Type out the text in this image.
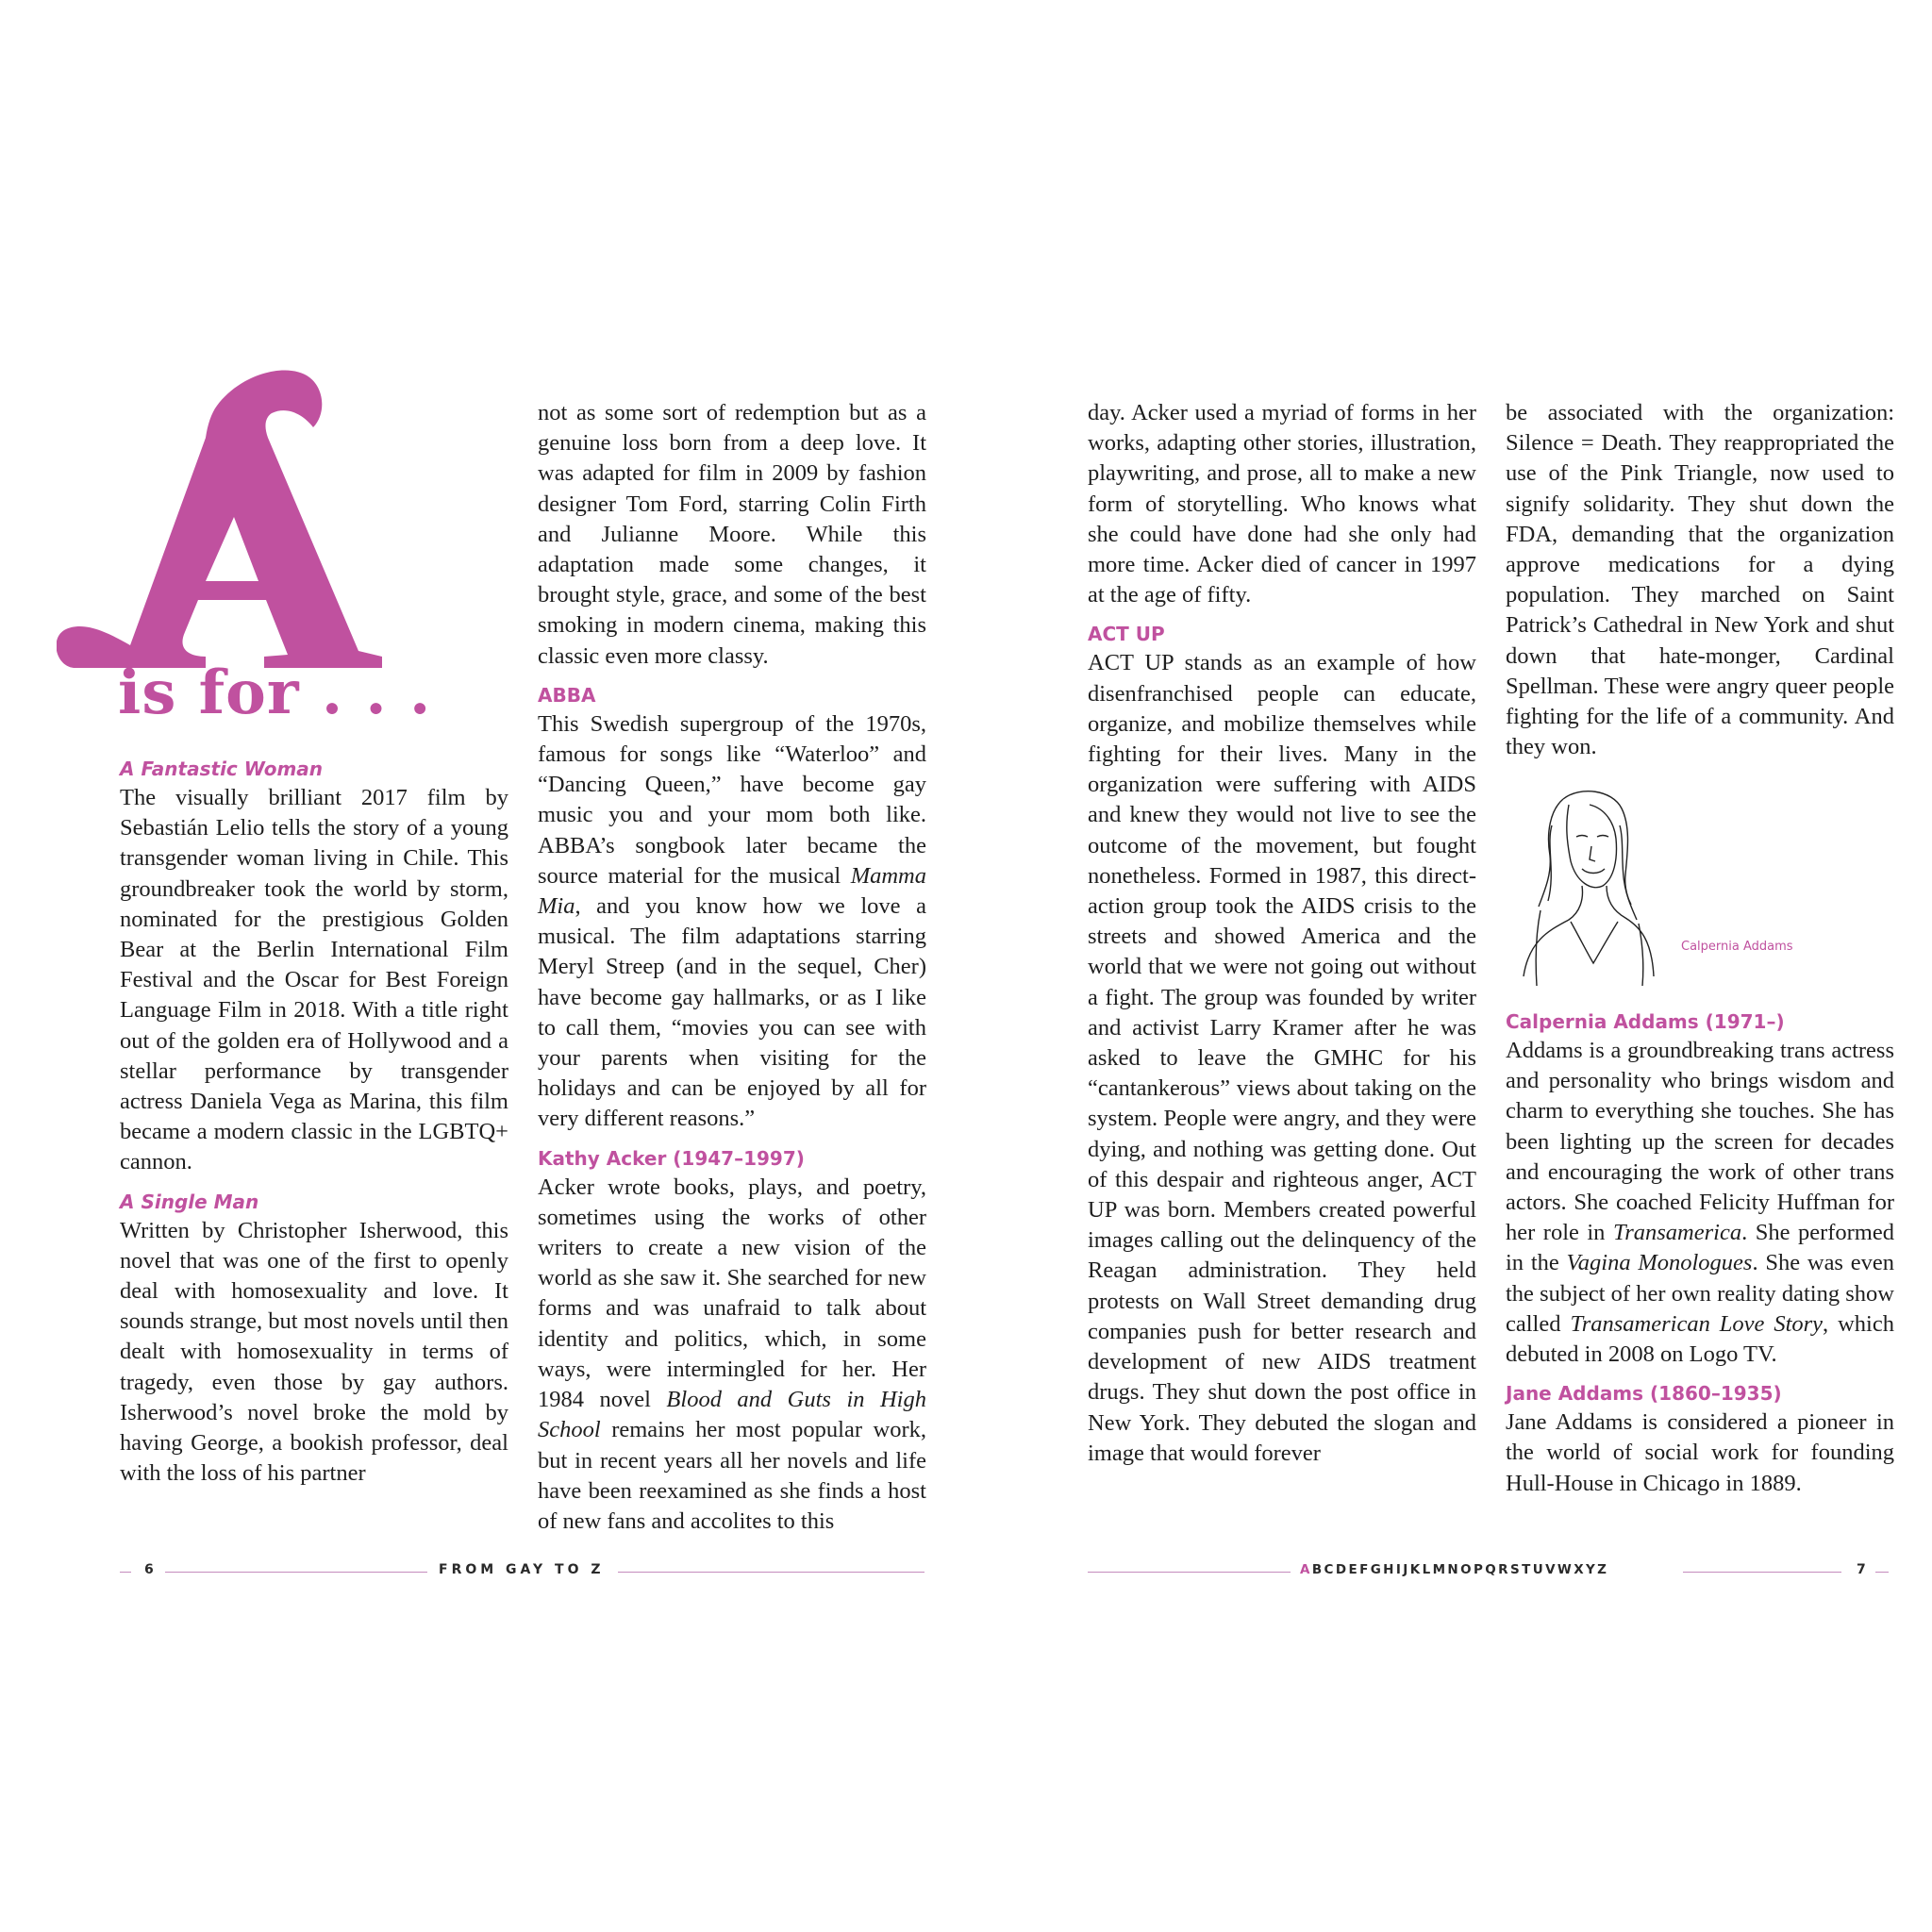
is for . . .
A Fantastic Woman

The visually brilliant 2017 film by Sebastián Lelio tells the story of a young transgender woman living in Chile. This groundbreaker took the world by storm, nominated for the prestigious Golden Bear at the Berlin International Film Festival and the Oscar for Best Foreign Language Film in 2018. With a title right out of the golden era of Hollywood and a stellar performance by transgender actress Daniela Vega as Marina, this film became a modern classic in the LGBTQ+ cannon.

A Single Man

Written by Christopher Isherwood, this novel that was one of the first to openly deal with homosexuality and love. It sounds strange, but most novels until then dealt with homosexuality in terms of tragedy, even those by gay authors. Isherwood’s novel broke the mold by having George, a bookish professor, deal with the loss of his partner

not as some sort of redemption but as a genuine loss born from a deep love. It was adapted for film in 2009 by fashion designer Tom Ford, starring Colin Firth and Julianne Moore. While this adaptation made some changes, it brought style, grace, and some of the best smoking in modern cinema, making this classic even more classy.

ABBA

This Swedish supergroup of the 1970s, famous for songs like “Waterloo” and “Dancing Queen,” have become gay music you and your mom both like. ABBA’s songbook later became the source material for the musical Mamma Mia, and you know how we love a musical. The film adaptations starring Meryl Streep (and in the sequel, Cher) have become gay hallmarks, or as I like to call them, “movies you can see with your parents when visiting for the holidays and can be enjoyed by all for very different reasons.”

Kathy Acker (1947–1997)

Acker wrote books, plays, and poetry, sometimes using the works of other writers to create a new vision of the world as she saw it. She searched for new forms and was unafraid to talk about identity and politics, which, in some ways, were intermingled for her. Her 1984 novel Blood and Guts in High School remains her most popular work, but in recent years all her novels and life have been reexamined as she finds a host of new fans and accolites to this

day. Acker used a myriad of forms in her works, adapting other stories, illustration, playwriting, and prose, all to make a new form of storytelling. Who knows what she could have done had she only had more time. Acker died of cancer in 1997 at the age of fifty.

ACT UP

ACT UP stands as an example of how disenfranchised people can educate, organize, and mobilize themselves while fighting for their lives. Many in the organization were suffering with AIDS and knew they would not live to see the outcome of the movement, but fought nonetheless. Formed in 1987, this direct-action group took the AIDS crisis to the streets and showed America and the world that we were not going out without a fight. The group was founded by writer and activist Larry Kramer after he was asked to leave the GMHC for his “cantankerous” views about taking on the system. People were angry, and they were dying, and nothing was getting done. Out of this despair and righteous anger, ACT UP was born. Members created powerful images calling out the delinquency of the Reagan administration. They held protests on Wall Street demanding drug companies push for better research and development of new AIDS treatment drugs. They shut down the post office in New York. They debuted the slogan and image that would forever

be associated with the organization: Silence = Death. They reappropriated the use of the Pink Triangle, now used to signify solidarity. They shut down the FDA, demanding that the organization approve medications for a dying population. They marched on Saint Patrick’s Cathedral in New York and shut down that hate-monger, Cardinal Spellman. These were angry queer people fighting for the life of a community. And they won.

Calpernia Addams (1971–)

Addams is a groundbreaking trans actress and personality who brings wisdom and charm to everything she touches. She has been lighting up the screen for decades and encouraging the work of other trans actors. She coached Felicity Huffman for her role in Transamerica. She performed in the Vagina Monologues. She was even the subject of her own reality dating show called Transamerican Love Story, which debuted in 2008 on Logo TV.

Jane Addams (1860–1935)

Jane Addams is considered a pioneer in the world of social work for founding Hull-House in Chicago in 1889.

Calpernia Addams
6	FROM GAY TO Z	ABCDEFGHIJKLMNOPQRSTUVWXYZ	7
